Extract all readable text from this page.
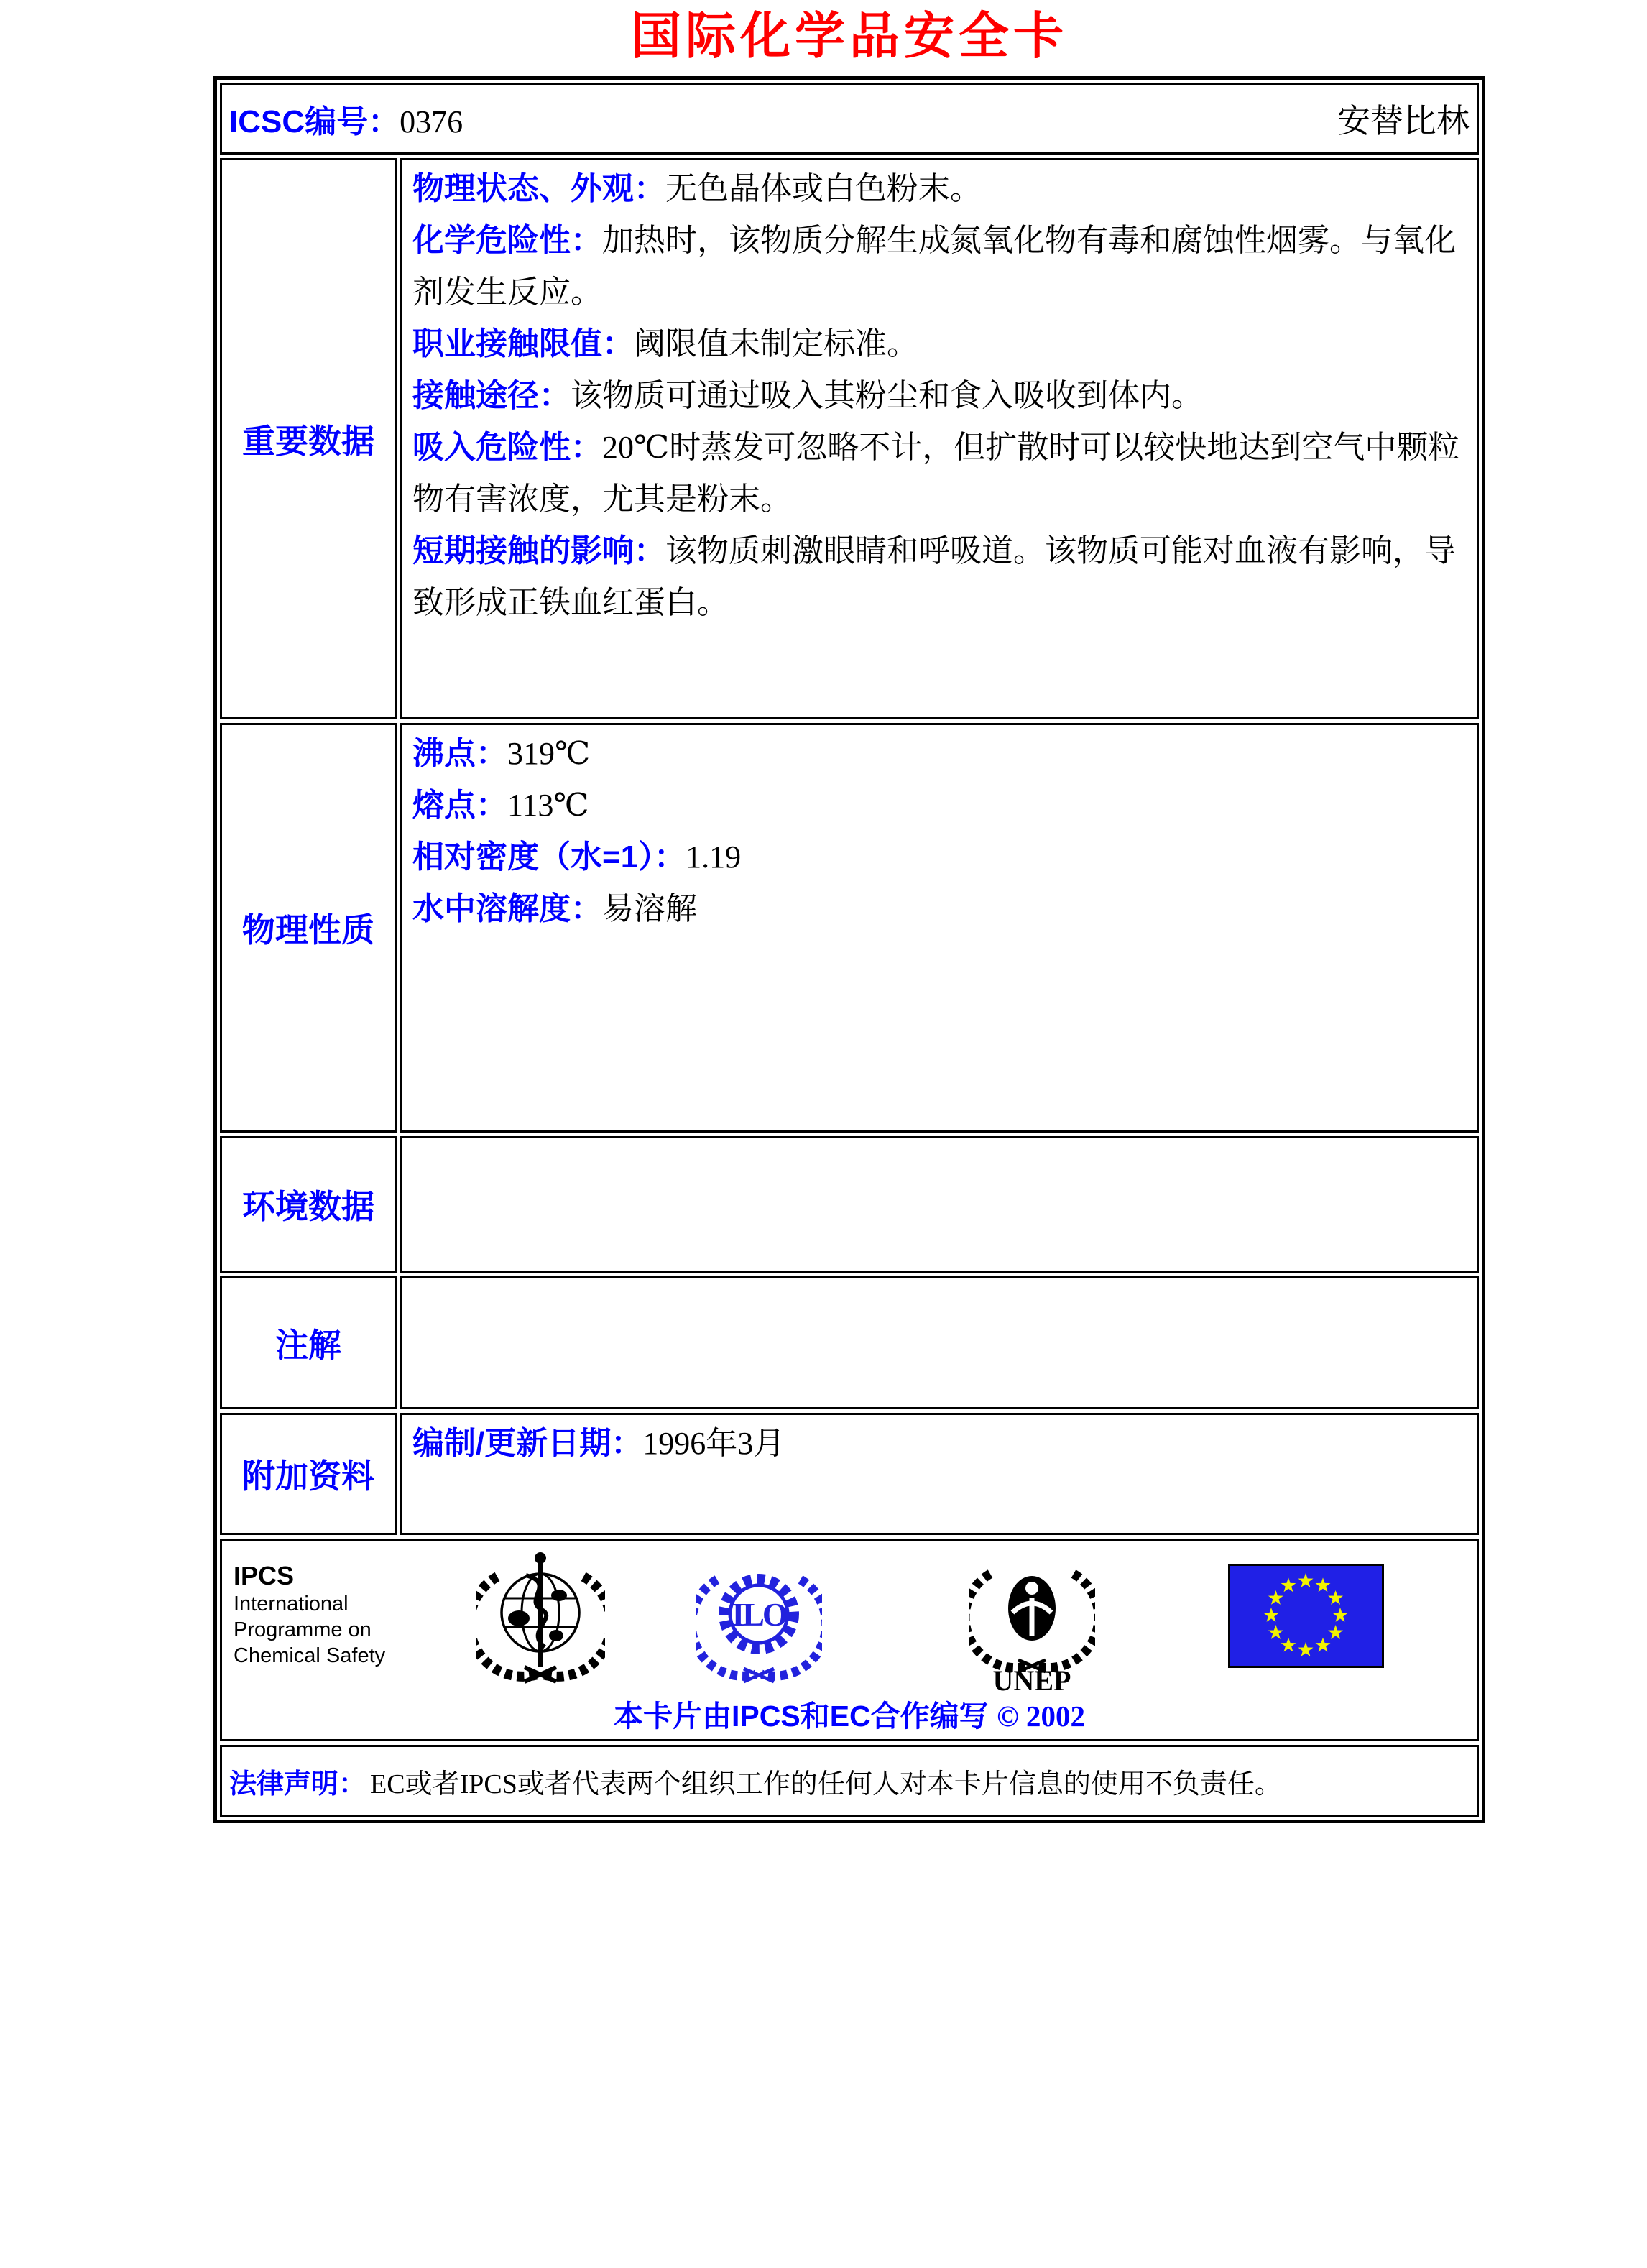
国际化学品安全卡
ICSC编号：0376	安替比林
重要数据

物理状态、外观：无色晶体或白色粉末。

化学危险性：加热时，该物质分解生成氮氧化物有毒和腐蚀性烟雾。与氧化剂发生反应。

职业接触限值：阈限值未制定标准。

接触途径：该物质可通过吸入其粉尘和食入吸收到体内。

吸入危险性：20℃时蒸发可忽略不计，但扩散时可以较快地达到空气中颗粒物有害浓度，尤其是粉末。

短期接触的影响：该物质刺激眼睛和呼吸道。该物质可能对血液有影响，导致形成正铁血红蛋白。

物理性质

沸点：319℃

熔点：113℃

相对密度（水=1）：1.19

水中溶解度：易溶解

环境数据
注解
附加资料

编制/更新日期：1996年3月

IPCS
International
Programme on
Chemical Safety
ILO
UNEP
本卡片由IPCS和EC合作编写 © 2002
法律声明： EC或者IPCS或者代表两个组织工作的任何人对本卡片信息的使用不负责任。
